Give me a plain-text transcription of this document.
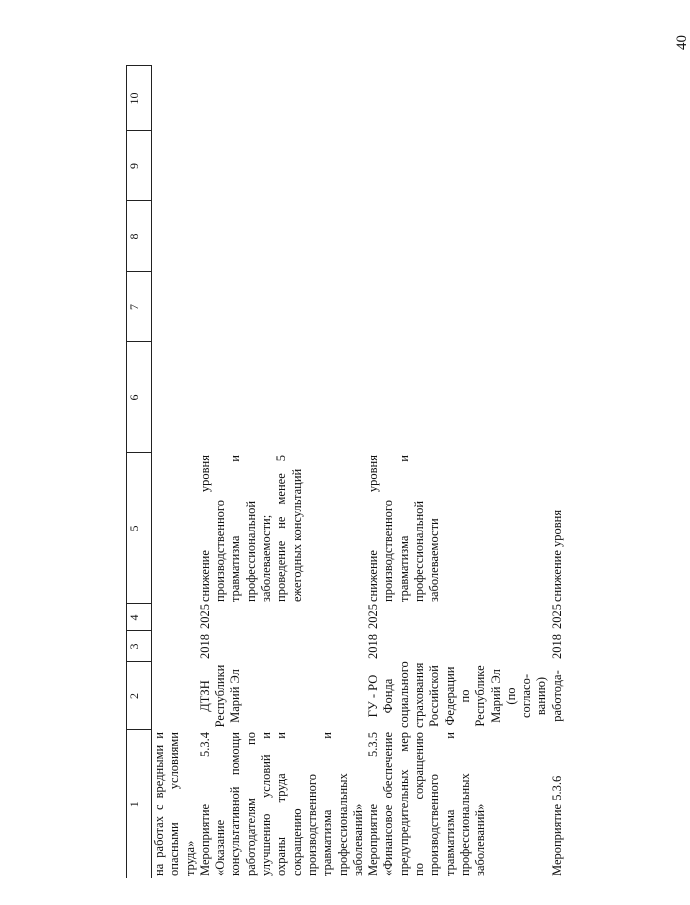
40
1	2	3	4	5	6	7	8	9	10
на работах с вредными и опасными условиями труда»									
Мероприятие 5.3.4 «Оказание консультативной помощи работодателям по улучшению условий и охраны труда и сокращению производственного травматизма и профессиональных заболеваний»	ДТЗН Республики Марий Эл	2018	2025	снижение уровня производственного травматизма и профессиональной заболеваемости; проведение не менее 5 ежегодных консультаций					
Мероприятие 5.3.5 «Финансовое обеспечение предупредительных мер по сокращению производственного травматизма и профессиональных заболеваний»	ГУ - РО Фонда социального страхования Российской Федерации по Республике Марий Эл (по согласо-ванию)	2018	2025	снижение уровня производственного травматизма и профессиональной заболеваемости					
Мероприятие 5.3.6	работода-	2018	2025	снижение уровня					
